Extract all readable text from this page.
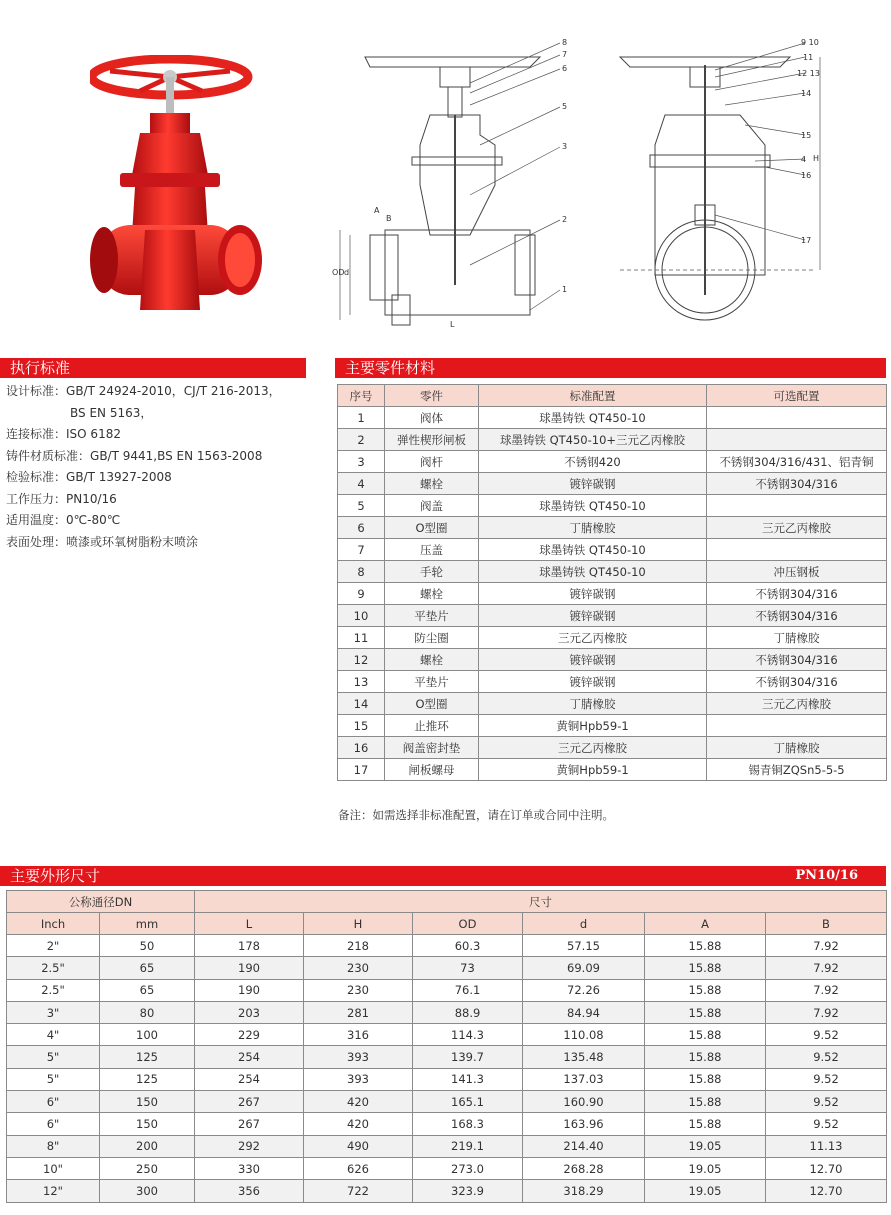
8
7
6
5
3
2
1
A
B
OD d
L
9 10
11
12 13
14
15
4
16
17
H
执行标准
设计标准：GB/T 24924-2010，CJ/T 216-2013，
BS EN 5163，
连接标准：ISO 6182
铸件材质标准：GB/T 9441,BS EN 1563-2008
检验标准：GB/T 13927-2008
工作压力：PN10/16
适用温度：0℃-80℃
表面处理：喷漆或环氧树脂粉末喷涂
主要零件材料
序号	零件	标准配置	可选配置
1	阀体	球墨铸铁 QT450-10	
2	弹性楔形闸板	球墨铸铁 QT450-10+三元乙丙橡胶	
3	阀杆	不锈钢420	不锈钢304/316/431、铝青铜
4	螺栓	镀锌碳钢	不锈钢304/316
5	阀盖	球墨铸铁 QT450-10	
6	O型圈	丁腈橡胶	三元乙丙橡胶
7	压盖	球墨铸铁 QT450-10	
8	手轮	球墨铸铁 QT450-10	冲压钢板
9	螺栓	镀锌碳钢	不锈钢304/316
10	平垫片	镀锌碳钢	不锈钢304/316
11	防尘圈	三元乙丙橡胶	丁腈橡胶
12	螺栓	镀锌碳钢	不锈钢304/316
13	平垫片	镀锌碳钢	不锈钢304/316
14	O型圈	丁腈橡胶	三元乙丙橡胶
15	止推环	黄铜Hpb59-1	
16	阀盖密封垫	三元乙丙橡胶	丁腈橡胶
17	闸板螺母	黄铜Hpb59-1	锡青铜ZQSn5-5-5
备注：如需选择非标准配置，请在订单或合同中注明。
主要外形尺寸	PN10/16
公称通径DN		尺寸					
Inch	mm	L	H	OD	d	A	B
2"	50	178	218	60.3	57.15	15.88	7.92
2.5"	65	190	230	73	69.09	15.88	7.92
2.5"	65	190	230	76.1	72.26	15.88	7.92
3"	80	203	281	88.9	84.94	15.88	7.92
4"	100	229	316	114.3	110.08	15.88	9.52
5"	125	254	393	139.7	135.48	15.88	9.52
5"	125	254	393	141.3	137.03	15.88	9.52
6"	150	267	420	165.1	160.90	15.88	9.52
6"	150	267	420	168.3	163.96	15.88	9.52
8"	200	292	490	219.1	214.40	19.05	11.13
10"	250	330	626	273.0	268.28	19.05	12.70
12"	300	356	722	323.9	318.29	19.05	12.70
